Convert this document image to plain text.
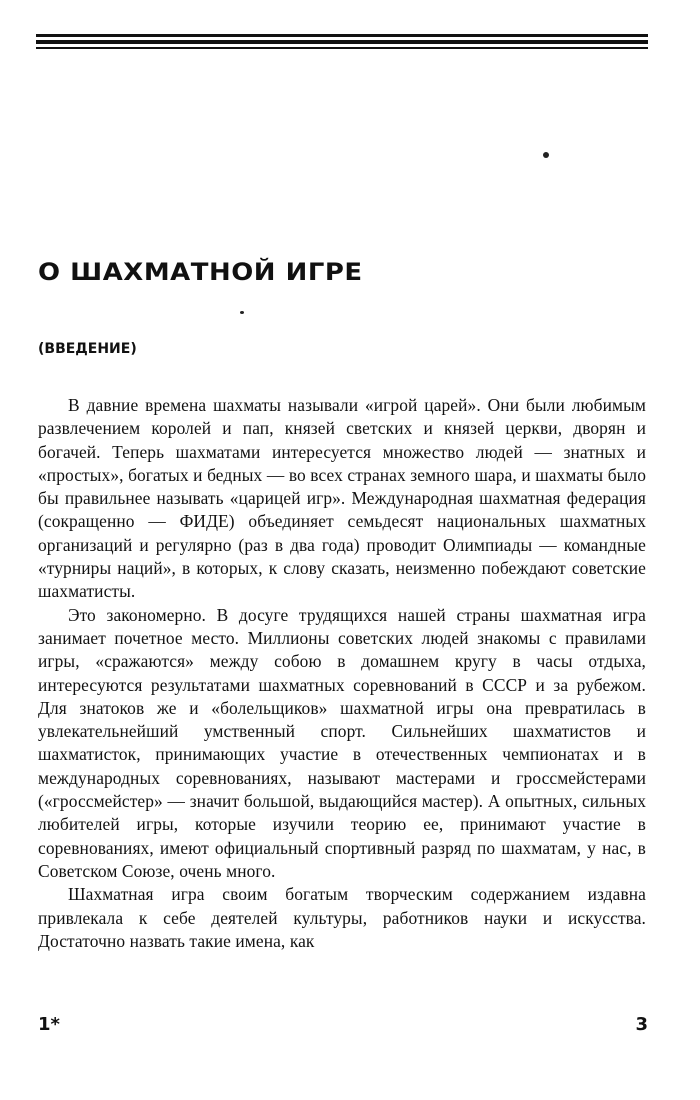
О ШАХМАТНОЙ ИГРЕ

(ВВЕДЕНИЕ)

В давние времена шахматы называли «игрой царей». Они были любимым развлечением королей и пап, князей светских и князей церкви, дворян и богачей. Теперь шахматами интересуется множество людей — знатных и «простых», богатых и бедных — во всех странах земного шара, и шахматы было бы правильнее называть «царицей игр». Международная шахматная федерация (сокращенно — ФИДЕ) объединяет семьдесят национальных шахматных организаций и регулярно (раз в два года) проводит Олимпиады — командные «турниры наций», в которых, к слову сказать, неизменно побеждают советские шахматисты.

Это закономерно. В досуге трудящихся нашей страны шахматная игра занимает почетное место. Миллионы советских людей знакомы с правилами игры, «сражаются» между собою в домашнем кругу в часы отдыха, интересуются результатами шахматных соревнований в СССР и за рубежом. Для знатоков же и «болельщиков» шахматной игры она превратилась в увлекательнейший умственный спорт. Сильнейших шахматистов и шахматисток, принимающих участие в отечественных чемпионатах и в международных соревнованиях, называют мастерами и гроссмейстерами («гроссмейстер» — значит большой, выдающийся мастер). А опытных, сильных любителей игры, которые изучили теорию ее, принимают участие в соревнованиях, имеют официальный спортивный разряд по шахматам, у нас, в Советском Союзе, очень много.

Шахматная игра своим богатым творческим содержанием издавна привлекала к себе деятелей культуры, работников науки и искусства. Достаточно назвать такие имена, как

1*	3
